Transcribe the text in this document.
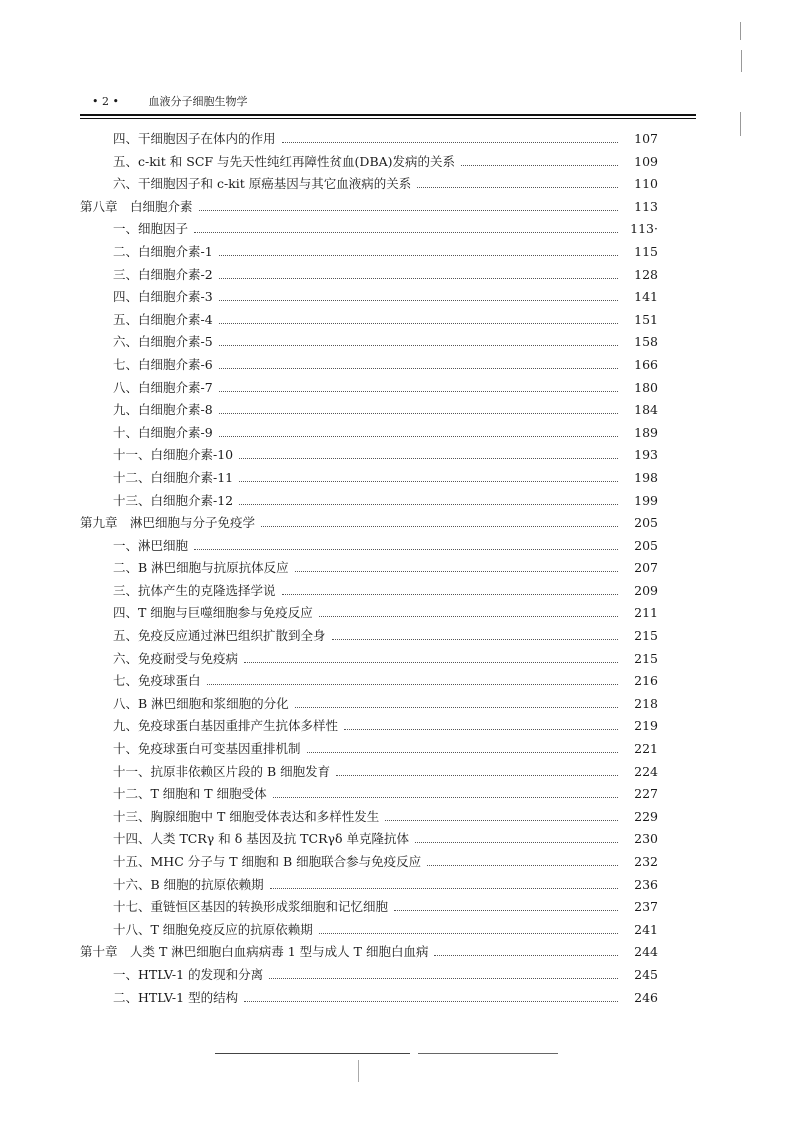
• 2 •	血液分子细胞生物学
四、干细胞因子在体内的作用	107
五、c-kit 和 SCF 与先天性纯红再障性贫血(DBA)发病的关系	109
六、干细胞因子和 c-kit 原癌基因与其它血液病的关系	110
第八章　白细胞介素	113
一、细胞因子	113·
二、白细胞介素-1	115
三、白细胞介素-2	128
四、白细胞介素-3	141
五、白细胞介素-4	151
六、白细胞介素-5	158
七、白细胞介素-6	166
八、白细胞介素-7	180
九、白细胞介素-8	184
十、白细胞介素-9	189
十一、白细胞介素-10	193
十二、白细胞介素-11	198
十三、白细胞介素-12	199
第九章　淋巴细胞与分子免疫学	205
一、淋巴细胞	205
二、B 淋巴细胞与抗原抗体反应	207
三、抗体产生的克隆选择学说	209
四、T 细胞与巨噬细胞参与免疫反应	211
五、免疫反应通过淋巴组织扩散到全身	215
六、免疫耐受与免疫病	215
七、免疫球蛋白	216
八、B 淋巴细胞和浆细胞的分化	218
九、免疫球蛋白基因重排产生抗体多样性	219
十、免疫球蛋白可变基因重排机制	221
十一、抗原非依赖区片段的 B 细胞发育	224
十二、T 细胞和 T 细胞受体	227
十三、胸腺细胞中 T 细胞受体表达和多样性发生	229
十四、人类 TCRγ 和 δ 基因及抗 TCRγδ 单克隆抗体	230
十五、MHC 分子与 T 细胞和 B 细胞联合参与免疫反应	232
十六、B 细胞的抗原依赖期	236
十七、重链恒区基因的转换形成浆细胞和记忆细胞	237
十八、T 细胞免疫反应的抗原依赖期	241
第十章　人类 T 淋巴细胞白血病病毒 1 型与成人 T 细胞白血病	244
一、HTLV-1 的发现和分离	245
二、HTLV-1 型的结构	246
